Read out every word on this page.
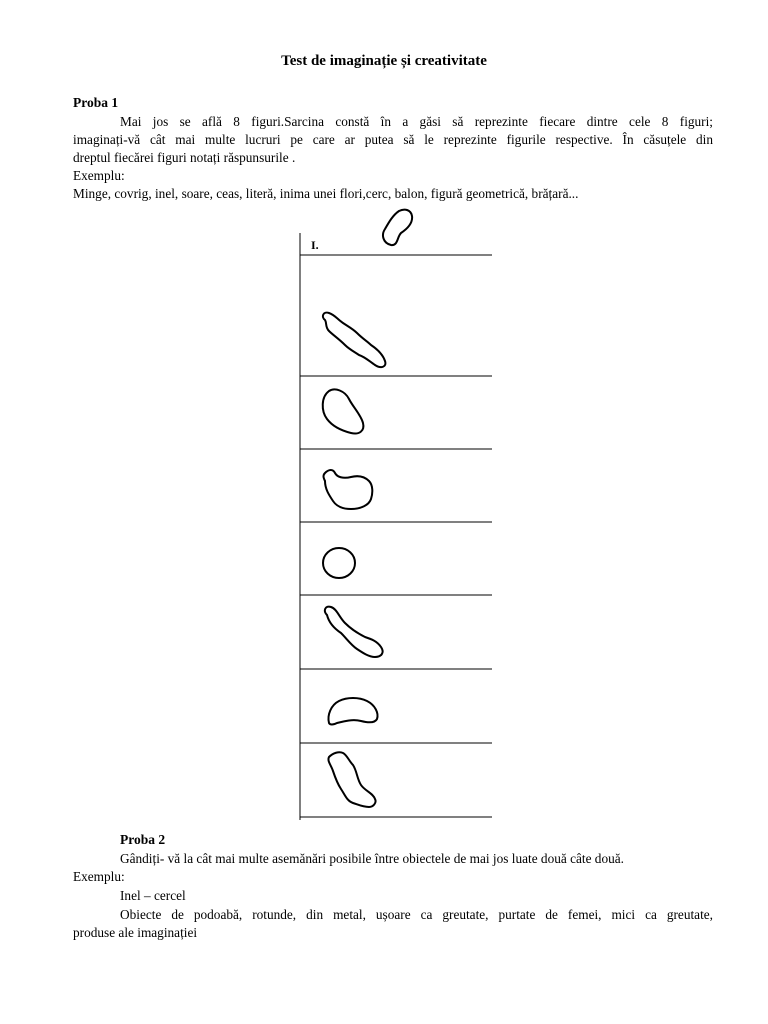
Test de imaginație și creativitate
Proba 1
Mai jos se află 8 figuri.Sarcina constă în a găsi să reprezinte fiecare dintre cele 8 figuri;
imaginați-vă cât mai multe lucruri pe care ar putea să le reprezinte figurile respective. În căsuțele din
dreptul fiecărei figuri notați răspunsurile .
Exemplu:
Minge, covrig, inel, soare, ceas, literă, inima unei flori,cerc, balon, figură geometrică, brățară...
I.
Proba 2
Gândiți- vă la cât mai multe asemănări posibile între obiectele de mai jos luate două câte două.
Exemplu:
Inel – cercel
Obiecte de podoabă, rotunde, din metal, ușoare ca greutate, purtate de femei, mici ca greutate,
produse ale imaginației
